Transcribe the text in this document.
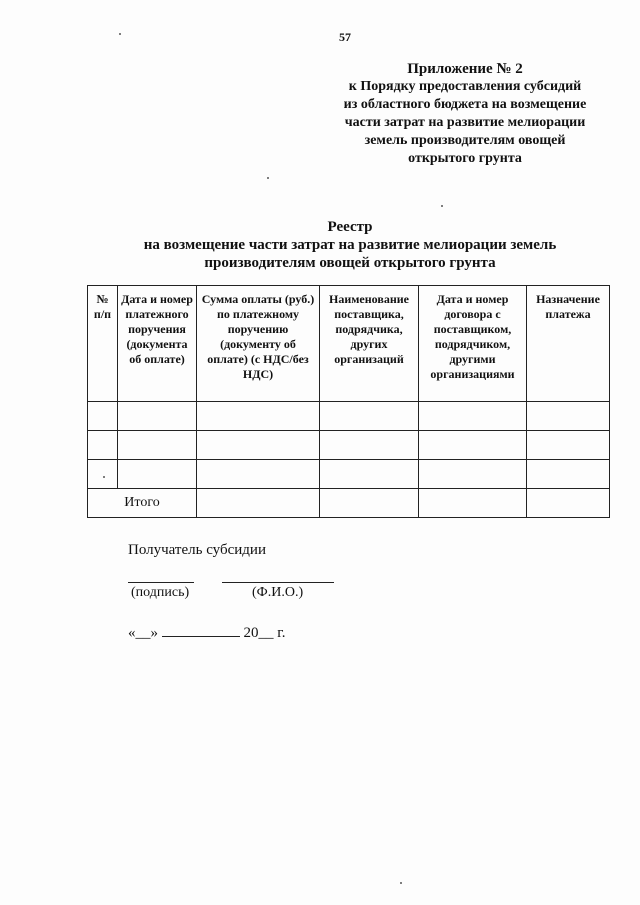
57
Приложение № 2
к Порядку предоставления субсидий
из областного бюджета на возмещение
части затрат на развитие мелиорации
земель производителям овощей
открытого грунта
Реестр
на возмещение части затрат на развитие мелиорации земель
производителям овощей открытого грунта
№ п/п	Дата и номер платежного поручения (документа об оплате)	Сумма оплаты (руб.) по платежному поручению (документу об оплате) (с НДС/без НДС)	Наименование поставщика, подрядчика, других организаций	Дата и номер договора с поставщиком, подрядчиком, другими организациями	Назначение платежа

Итого					
Получатель субсидии
(подпись)	(Ф.И.О.)
«__»	20__ г.
